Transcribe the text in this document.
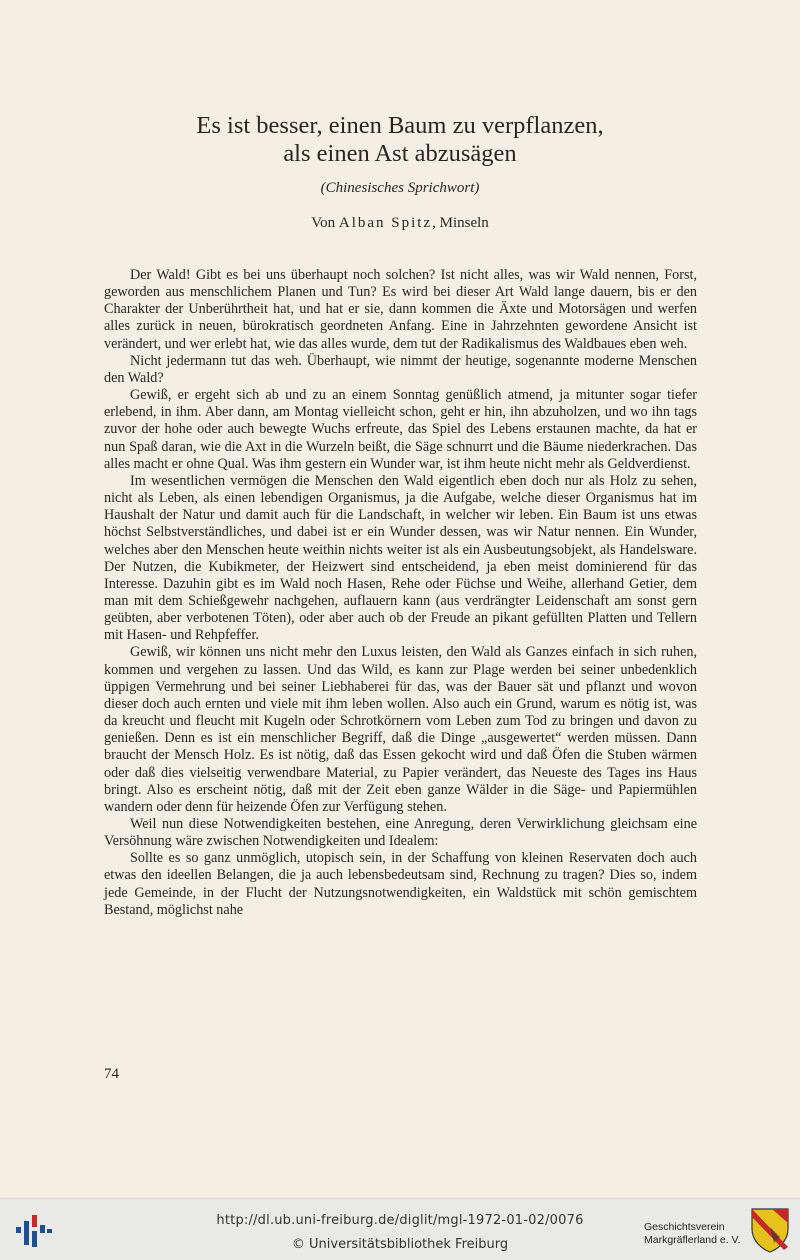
Es ist besser, einen Baum zu verpflanzen,
als einen Ast abzusägen
(Chinesisches Sprichwort)
Von Alban Spitz, Minseln

Der Wald! Gibt es bei uns überhaupt noch solchen? Ist nicht alles, was wir Wald nennen, Forst, geworden aus menschlichem Planen und Tun? Es wird bei dieser Art Wald lange dauern, bis er den Charakter der Unberührtheit hat, und hat er sie, dann kommen die Äxte und Motorsägen und werfen alles zurück in neuen, bürokratisch geordneten Anfang. Eine in Jahrzehnten gewordene Ansicht ist verändert, und wer erlebt hat, wie das alles wurde, dem tut der Radikalismus des Waldbaues eben weh.

Nicht jedermann tut das weh. Überhaupt, wie nimmt der heutige, sogenannte moderne Menschen den Wald?

Gewiß, er ergeht sich ab und zu an einem Sonntag genüßlich atmend, ja mitunter sogar tiefer erlebend, in ihm. Aber dann, am Montag vielleicht schon, geht er hin, ihn abzuholzen, und wo ihn tags zuvor der hohe oder auch bewegte Wuchs erfreute, das Spiel des Lebens erstaunen machte, da hat er nun Spaß daran, wie die Axt in die Wurzeln beißt, die Säge schnurrt und die Bäume niederkrachen. Das alles macht er ohne Qual. Was ihm gestern ein Wunder war, ist ihm heute nicht mehr als Geldverdienst.

Im wesentlichen vermögen die Menschen den Wald eigentlich eben doch nur als Holz zu sehen, nicht als Leben, als einen lebendigen Organismus, ja die Aufgabe, welche dieser Organismus hat im Haushalt der Natur und damit auch für die Landschaft, in welcher wir leben. Ein Baum ist uns etwas höchst Selbstverständliches, und dabei ist er ein Wunder dessen, was wir Natur nennen. Ein Wunder, welches aber den Menschen heute weithin nichts weiter ist als ein Ausbeutungsobjekt, als Handelsware. Der Nutzen, die Kubikmeter, der Heizwert sind entscheidend, ja eben meist dominierend für das Interesse. Dazuhin gibt es im Wald noch Hasen, Rehe oder Füchse und Weihe, allerhand Getier, dem man mit dem Schießgewehr nachgehen, auflauern kann (aus verdrängter Leidenschaft am sonst gern geübten, aber verbotenen Töten), oder aber auch ob der Freude an pikant gefüllten Platten und Tellern mit Hasen- und Rehpfeffer.

Gewiß, wir können uns nicht mehr den Luxus leisten, den Wald als Ganzes einfach in sich ruhen, kommen und vergehen zu lassen. Und das Wild, es kann zur Plage werden bei seiner unbedenklich üppigen Vermehrung und bei seiner Liebhaberei für das, was der Bauer sät und pflanzt und wovon dieser doch auch ernten und viele mit ihm leben wollen. Also auch ein Grund, warum es nötig ist, was da kreucht und fleucht mit Kugeln oder Schrotkörnern vom Leben zum Tod zu bringen und davon zu genießen. Denn es ist ein menschlicher Begriff, daß die Dinge „ausgewertet“ werden müssen. Dann braucht der Mensch Holz. Es ist nötig, daß das Essen gekocht wird und daß Öfen die Stuben wärmen oder daß dies vielseitig verwendbare Material, zu Papier verändert, das Neueste des Tages ins Haus bringt. Also es erscheint nötig, daß mit der Zeit eben ganze Wälder in die Säge- und Papiermühlen wandern oder denn für heizende Öfen zur Verfügung stehen.

Weil nun diese Notwendigkeiten bestehen, eine Anregung, deren Verwirklichung gleichsam eine Versöhnung wäre zwischen Notwendigkeiten und Idealem:

Sollte es so ganz unmöglich, utopisch sein, in der Schaffung von kleinen Reservaten doch auch etwas den ideellen Belangen, die ja auch lebensbedeutsam sind, Rechnung zu tragen? Dies so, indem jede Gemeinde, in der Flucht der Nutzungsnotwendigkeiten, ein Waldstück mit schön gemischtem Bestand, möglichst nahe

74
http://dl.ub.uni-freiburg.de/diglit/mgl-1972-01-02/0076
© Universitätsbibliothek Freiburg
Geschichtsverein
Markgräflerland e. V.
